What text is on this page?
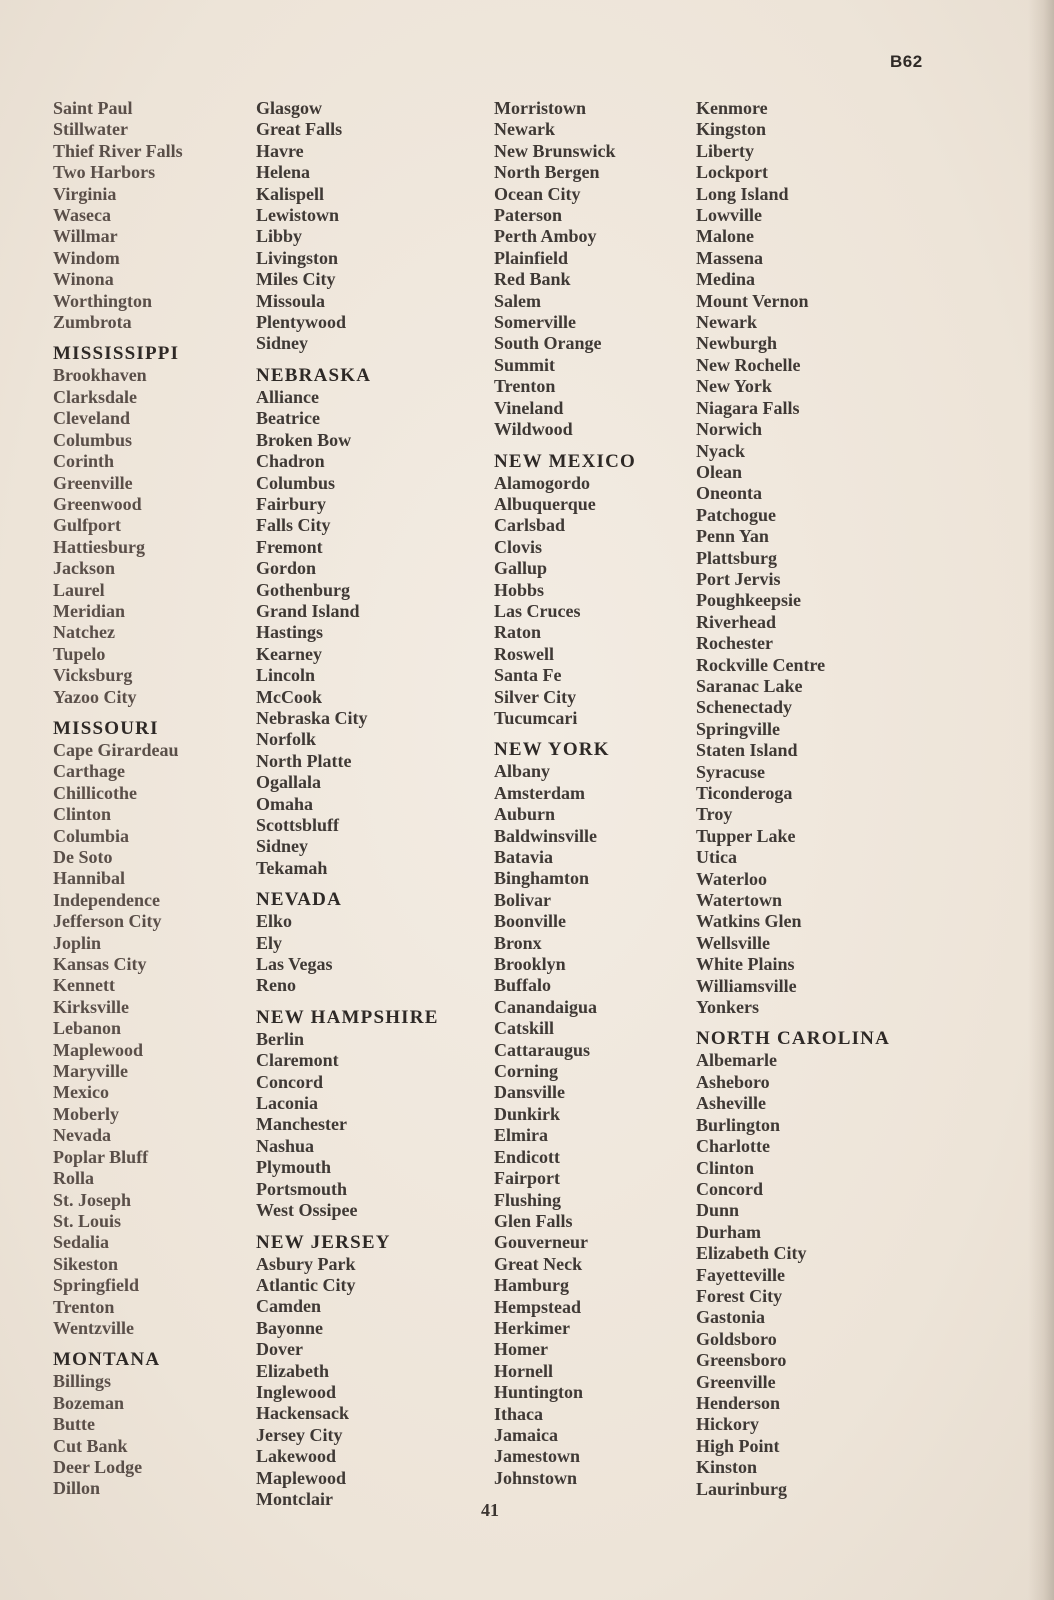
B62
Saint Paul
Stillwater
Thief River Falls
Two Harbors
Virginia
Waseca
Willmar
Windom
Winona
Worthington
Zumbrota
MISSISSIPPI
Brookhaven
Clarksdale
Cleveland
Columbus
Corinth
Greenville
Greenwood
Gulfport
Hattiesburg
Jackson
Laurel
Meridian
Natchez
Tupelo
Vicksburg
Yazoo City
MISSOURI
Cape Girardeau
Carthage
Chillicothe
Clinton
Columbia
De Soto
Hannibal
Independence
Jefferson City
Joplin
Kansas City
Kennett
Kirksville
Lebanon
Maplewood
Maryville
Mexico
Moberly
Nevada
Poplar Bluff
Rolla
St. Joseph
St. Louis
Sedalia
Sikeston
Springfield
Trenton
Wentzville
MONTANA
Billings
Bozeman
Butte
Cut Bank
Deer Lodge
Dillon
Glasgow
Great Falls
Havre
Helena
Kalispell
Lewistown
Libby
Livingston
Miles City
Missoula
Plentywood
Sidney
NEBRASKA
Alliance
Beatrice
Broken Bow
Chadron
Columbus
Fairbury
Falls City
Fremont
Gordon
Gothenburg
Grand Island
Hastings
Kearney
Lincoln
McCook
Nebraska City
Norfolk
North Platte
Ogallala
Omaha
Scottsbluff
Sidney
Tekamah
NEVADA
Elko
Ely
Las Vegas
Reno
NEW HAMPSHIRE
Berlin
Claremont
Concord
Laconia
Manchester
Nashua
Plymouth
Portsmouth
West Ossipee
NEW JERSEY
Asbury Park
Atlantic City
Camden
Bayonne
Dover
Elizabeth
Inglewood
Hackensack
Jersey City
Lakewood
Maplewood
Montclair
Morristown
Newark
New Brunswick
North Bergen
Ocean City
Paterson
Perth Amboy
Plainfield
Red Bank
Salem
Somerville
South Orange
Summit
Trenton
Vineland
Wildwood
NEW MEXICO
Alamogordo
Albuquerque
Carlsbad
Clovis
Gallup
Hobbs
Las Cruces
Raton
Roswell
Santa Fe
Silver City
Tucumcari
NEW YORK
Albany
Amsterdam
Auburn
Baldwinsville
Batavia
Binghamton
Bolivar
Boonville
Bronx
Brooklyn
Buffalo
Canandaigua
Catskill
Cattaraugus
Corning
Dansville
Dunkirk
Elmira
Endicott
Fairport
Flushing
Glen Falls
Gouverneur
Great Neck
Hamburg
Hempstead
Herkimer
Homer
Hornell
Huntington
Ithaca
Jamaica
Jamestown
Johnstown
Kenmore
Kingston
Liberty
Lockport
Long Island
Lowville
Malone
Massena
Medina
Mount Vernon
Newark
Newburgh
New Rochelle
New York
Niagara Falls
Norwich
Nyack
Olean
Oneonta
Patchogue
Penn Yan
Plattsburg
Port Jervis
Poughkeepsie
Riverhead
Rochester
Rockville Centre
Saranac Lake
Schenectady
Springville
Staten Island
Syracuse
Ticonderoga
Troy
Tupper Lake
Utica
Waterloo
Watertown
Watkins Glen
Wellsville
White Plains
Williamsville
Yonkers
NORTH CAROLINA
Albemarle
Asheboro
Asheville
Burlington
Charlotte
Clinton
Concord
Dunn
Durham
Elizabeth City
Fayetteville
Forest City
Gastonia
Goldsboro
Greensboro
Greenville
Henderson
Hickory
High Point
Kinston
Laurinburg
41
